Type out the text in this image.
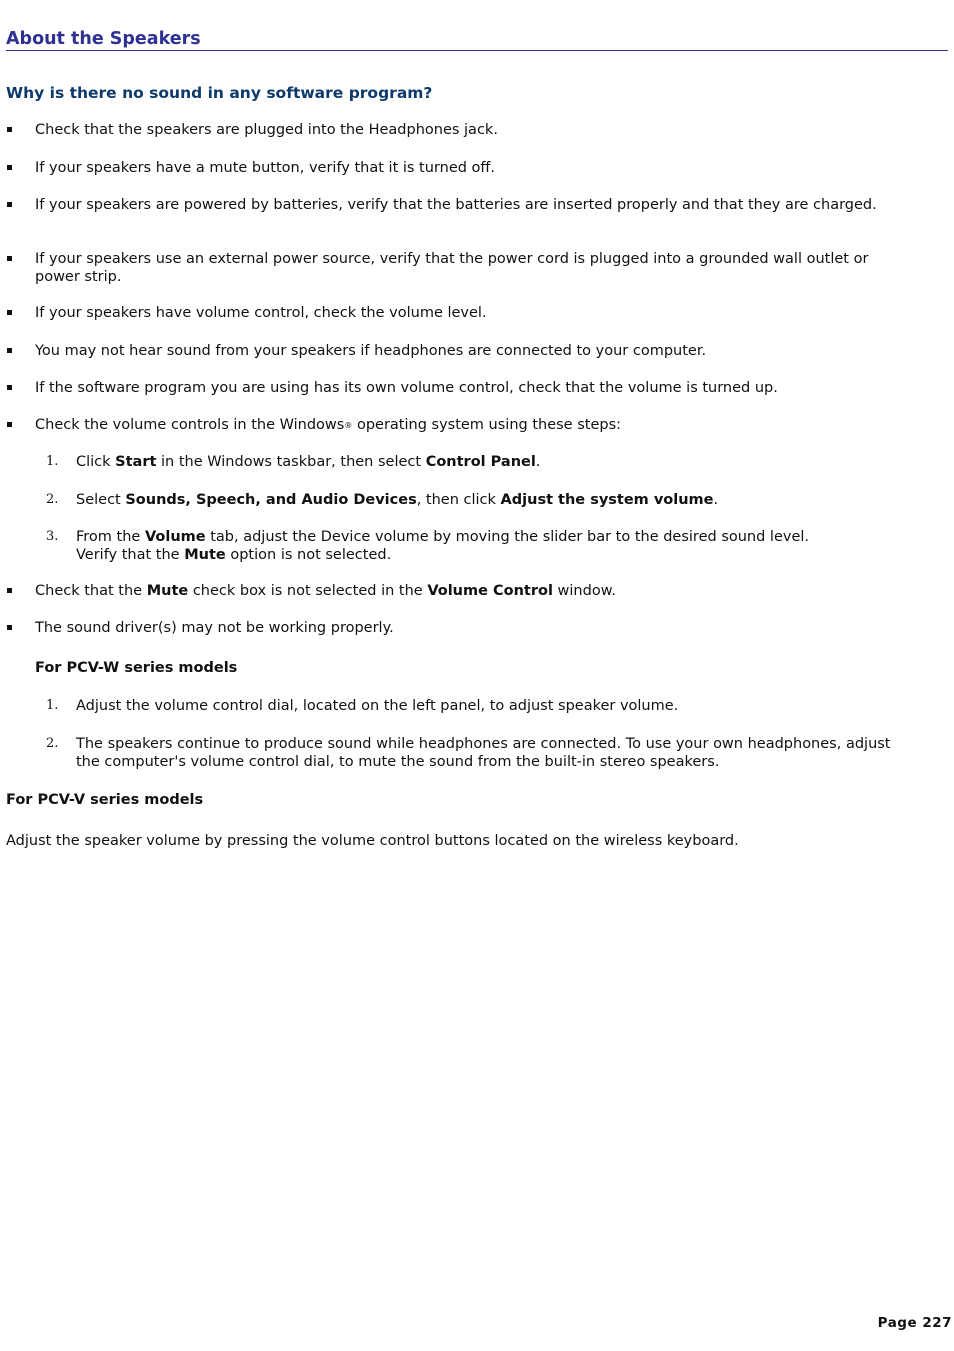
About the Speakers
Why is there no sound in any software program?
Check that the speakers are plugged into the Headphones jack.
If your speakers have a mute button, verify that it is turned off.
If your speakers are powered by batteries, verify that the batteries are inserted properly and that they are charged.
If your speakers use an external power source, verify that the power cord is plugged into a grounded wall outlet or power strip.
If your speakers have volume control, check the volume level.
You may not hear sound from your speakers if headphones are connected to your computer.
If the software program you are using has its own volume control, check that the volume is turned up.
Check the volume controls in the Windows® operating system using these steps:
1. Click Start in the Windows taskbar, then select Control Panel.
2. Select Sounds, Speech, and Audio Devices, then click Adjust the system volume.
3. From the Volume tab, adjust the Device volume by moving the slider bar to the desired sound level.
Verify that the Mute option is not selected.
Check that the Mute check box is not selected in the Volume Control window.
The sound driver(s) may not be working properly.
For PCV-W series models
1. Adjust the volume control dial, located on the left panel, to adjust speaker volume.
2. The speakers continue to produce sound while headphones are connected. To use your own headphones, adjust the computer's volume control dial, to mute the sound from the built-in stereo speakers.
For PCV-V series models
Adjust the speaker volume by pressing the volume control buttons located on the wireless keyboard.
Page 227
